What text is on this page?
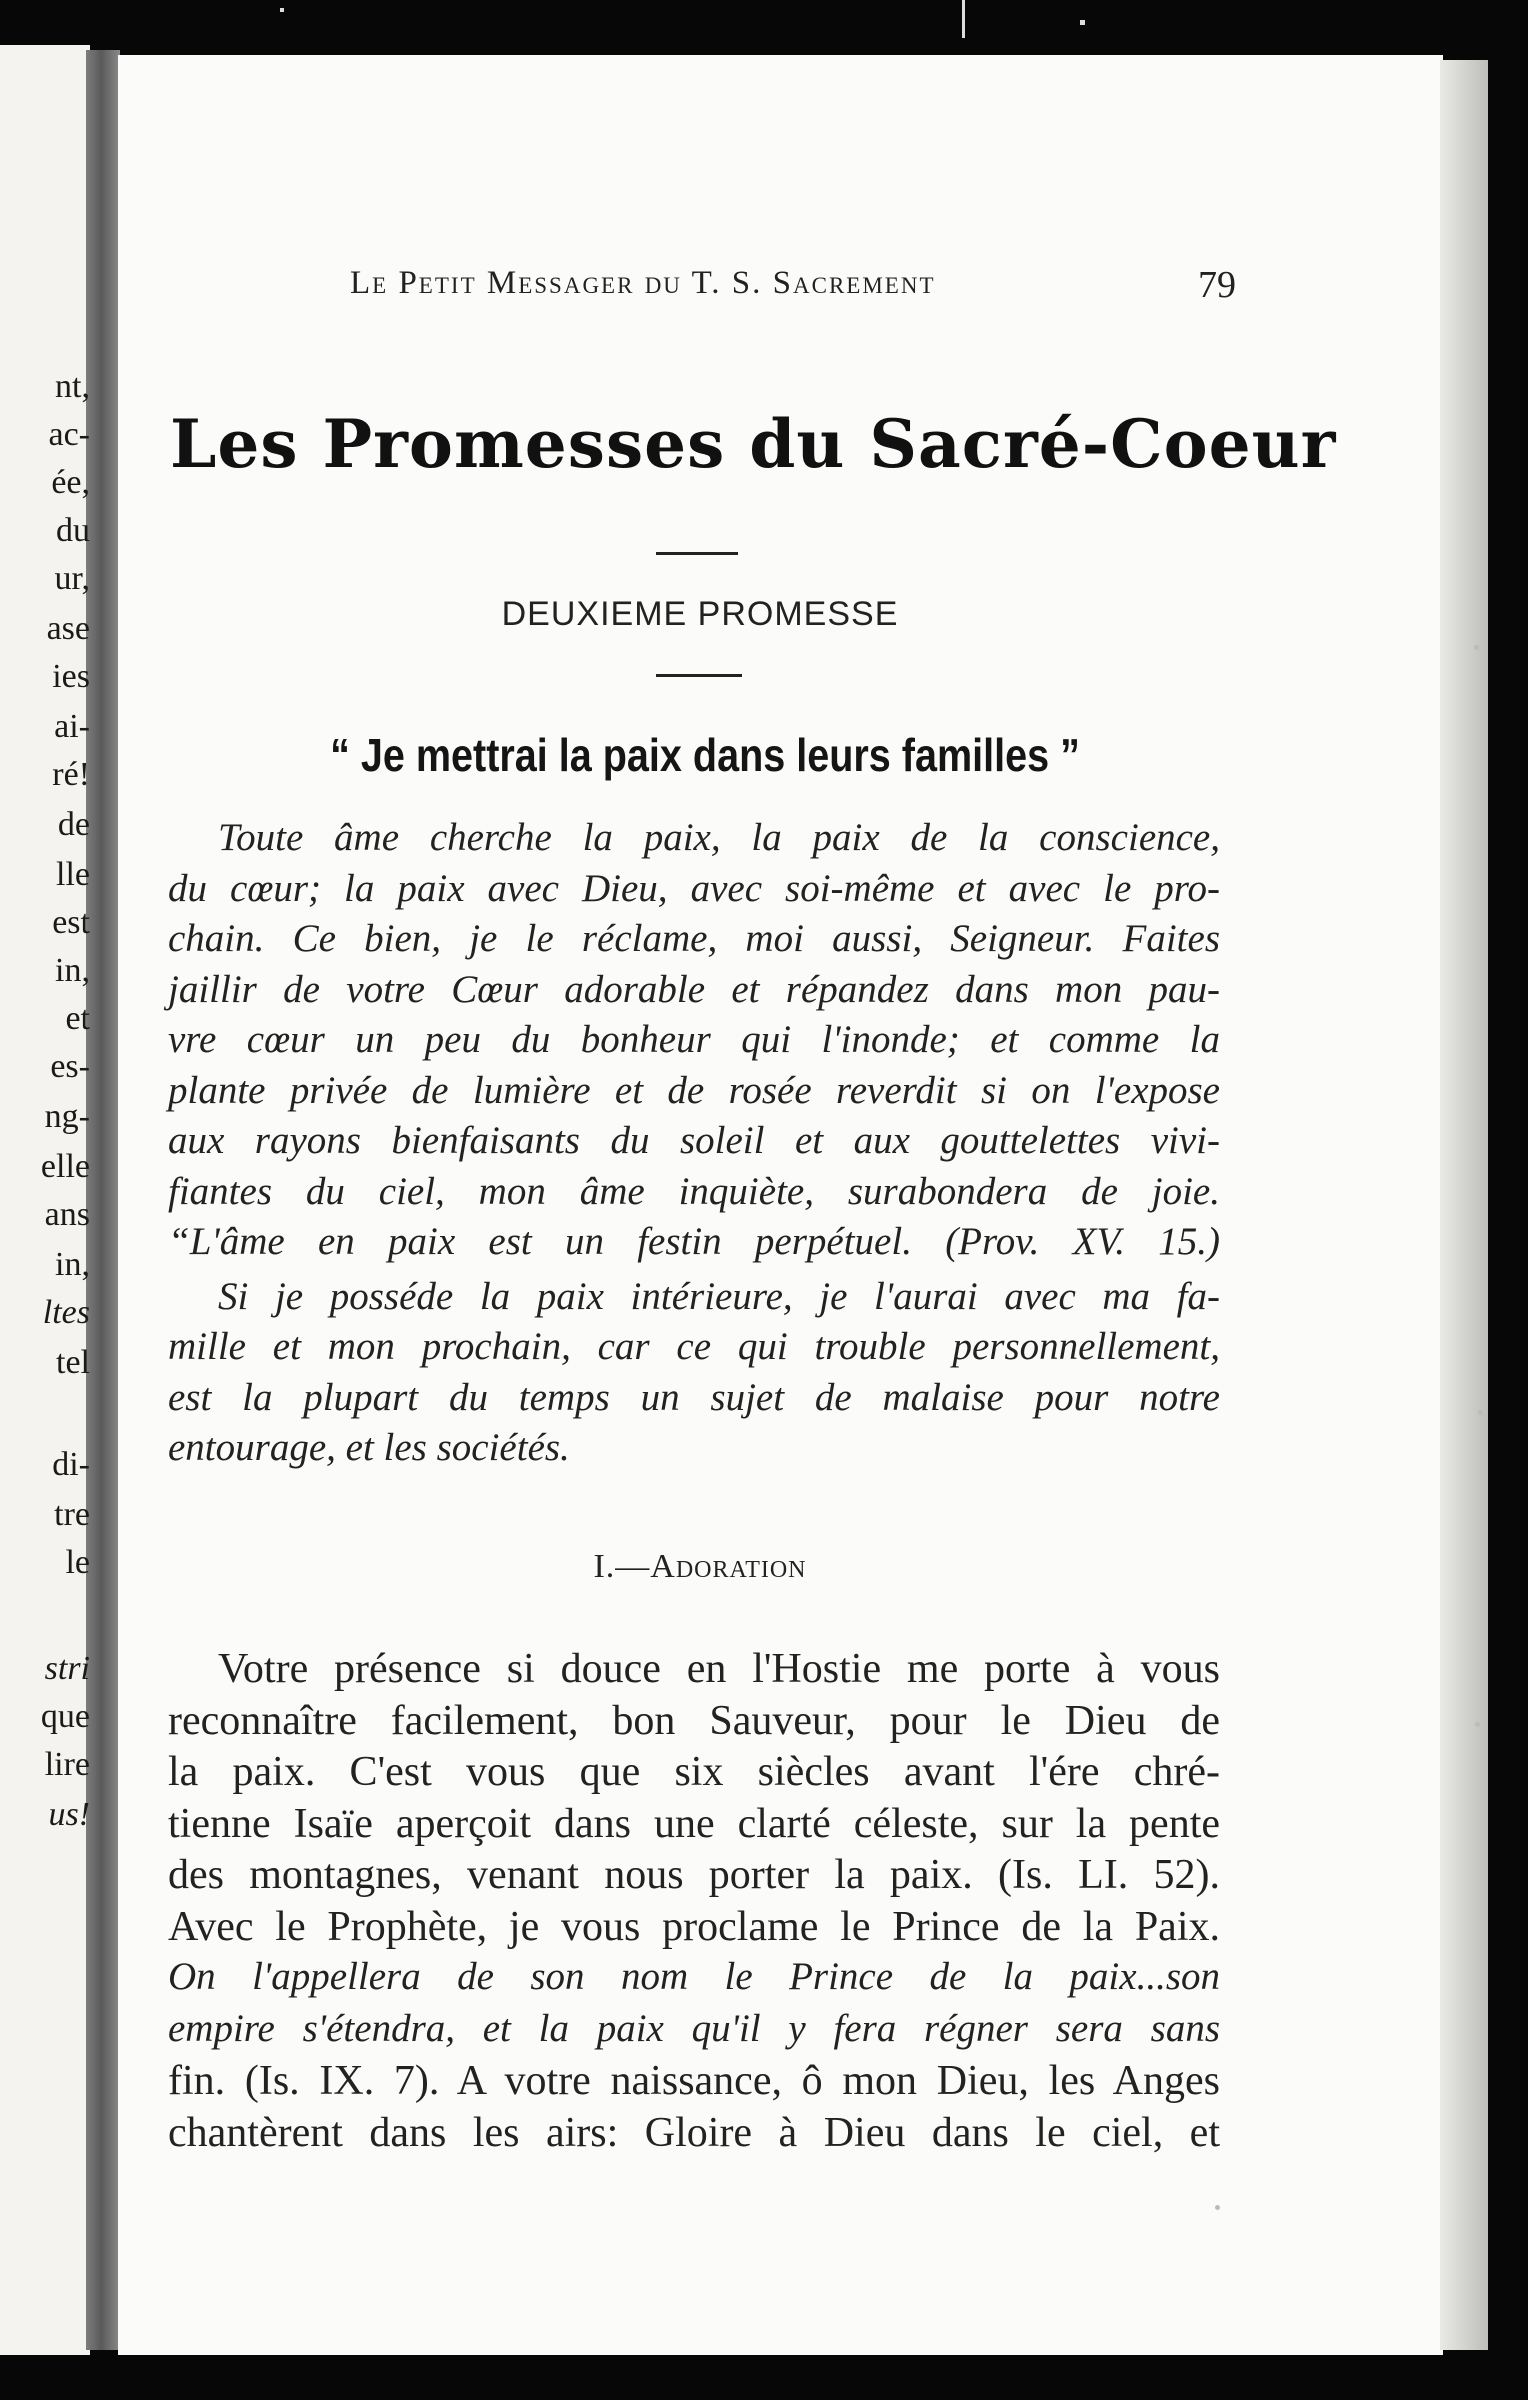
nt,
ac-
ée,
du
ur,
ase
ies
ai-
ré!
de
lle
est
in,
et
es-
ng-
elle
ans
in,
ltes
tel
di-
tre
le
stri
que
lire
us!
Le Petit Messager du T. S. Sacrement	79
Les Promesses du Sacré-Coeur
DEUXIEME PROMESSE
“ Je mettrai la paix dans leurs familles ”
Toute âme cherche la paix, la paix de la conscience,
du cœur; la paix avec Dieu, avec soi-même et avec le pro-
chain. Ce bien, je le réclame, moi aussi, Seigneur. Faites
jaillir de votre Cœur adorable et répandez dans mon pau-
vre cœur un peu du bonheur qui l'inonde; et comme la
plante privée de lumière et de rosée reverdit si on l'expose
aux rayons bienfaisants du soleil et aux gouttelettes vivi-
fiantes du ciel, mon âme inquiète, surabondera de joie.
“L'âme en paix est un festin perpétuel. (Prov. XV. 15.)
Si je posséde la paix intérieure, je l'aurai avec ma fa-
mille et mon prochain, car ce qui trouble personnellement,
est la plupart du temps un sujet de malaise pour notre
entourage, et les sociétés.
I.—Adoration
Votre présence si douce en l'Hostie me porte à vous
reconnaître facilement, bon Sauveur, pour le Dieu de
la paix. C'est vous que six siècles avant l'ére chré-
tienne Isaïe aperçoit dans une clarté céleste, sur la pente
des montagnes, venant nous porter la paix. (Is. LI. 52).
Avec le Prophète, je vous proclame le Prince de la Paix.
On l'appellera de son nom le Prince de la paix...son
empire s'étendra, et la paix qu'il y fera régner sera sans
fin. (Is. IX. 7). A votre naissance, ô mon Dieu, les Anges
chantèrent dans les airs: Gloire à Dieu dans le ciel, et
